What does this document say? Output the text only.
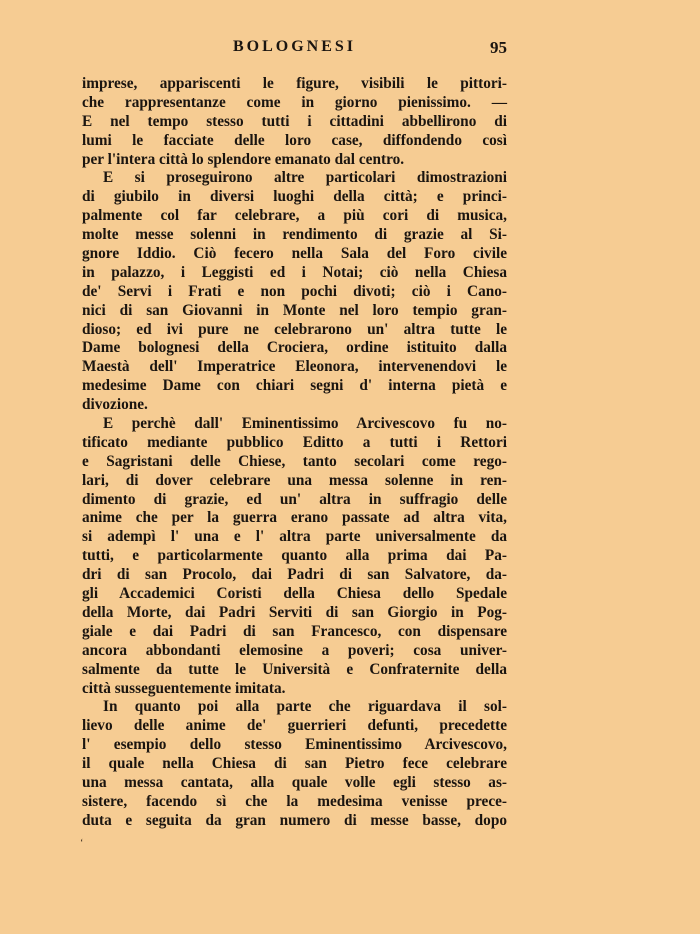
BOLOGNESI	95
imprese, appariscenti le figure, visibili le pittori-
che rappresentanze come in giorno pienissimo. —
E nel tempo stesso tutti i cittadini abbellirono di
lumi le facciate delle loro case, diffondendo così
per l'intera città lo splendore emanato dal centro.
E si proseguirono altre particolari dimostrazioni
di giubilo in diversi luoghi della città; e princi-
palmente col far celebrare, a più cori di musica,
molte messe solenni in rendimento di grazie al Si-
gnore Iddio. Ciò fecero nella Sala del Foro civile
in palazzo, i Leggisti ed i Notai; ciò nella Chiesa
de' Servi i Frati e non pochi divoti; ciò i Cano-
nici di san Giovanni in Monte nel loro tempio gran-
dioso; ed ivi pure ne celebrarono un' altra tutte le
Dame bolognesi della Crociera, ordine istituito dalla
Maestà dell' Imperatrice Eleonora, intervenendovi le
medesime Dame con chiari segni d' interna pietà e
divozione.
E perchè dall' Eminentissimo Arcivescovo fu no-
tificato mediante pubblico Editto a tutti i Rettori
e Sagristani delle Chiese, tanto secolari come rego-
lari, di dover celebrare una messa solenne in ren-
dimento di grazie, ed un' altra in suffragio delle
anime che per la guerra erano passate ad altra vita,
si adempì l' una e l' altra parte universalmente da
tutti, e particolarmente quanto alla prima dai Pa-
dri di san Procolo, dai Padri di san Salvatore, da-
gli Accademici Coristi della Chiesa dello Spedale
della Morte, dai Padri Serviti di san Giorgio in Pog-
giale e dai Padri di san Francesco, con dispensare
ancora abbondanti elemosine a poveri; cosa univer-
salmente da tutte le Università e Confraternite della
città susseguentemente imitata.
In quanto poi alla parte che riguardava il sol-
lievo delle anime de' guerrieri defunti, precedette
l' esempio dello stesso Eminentissimo Arcivescovo,
il quale nella Chiesa di san Pietro fece celebrare
una messa cantata, alla quale volle egli stesso as-
sistere, facendo sì che la medesima venisse prece-
duta e seguita da gran numero di messe basse, dopo
‘
